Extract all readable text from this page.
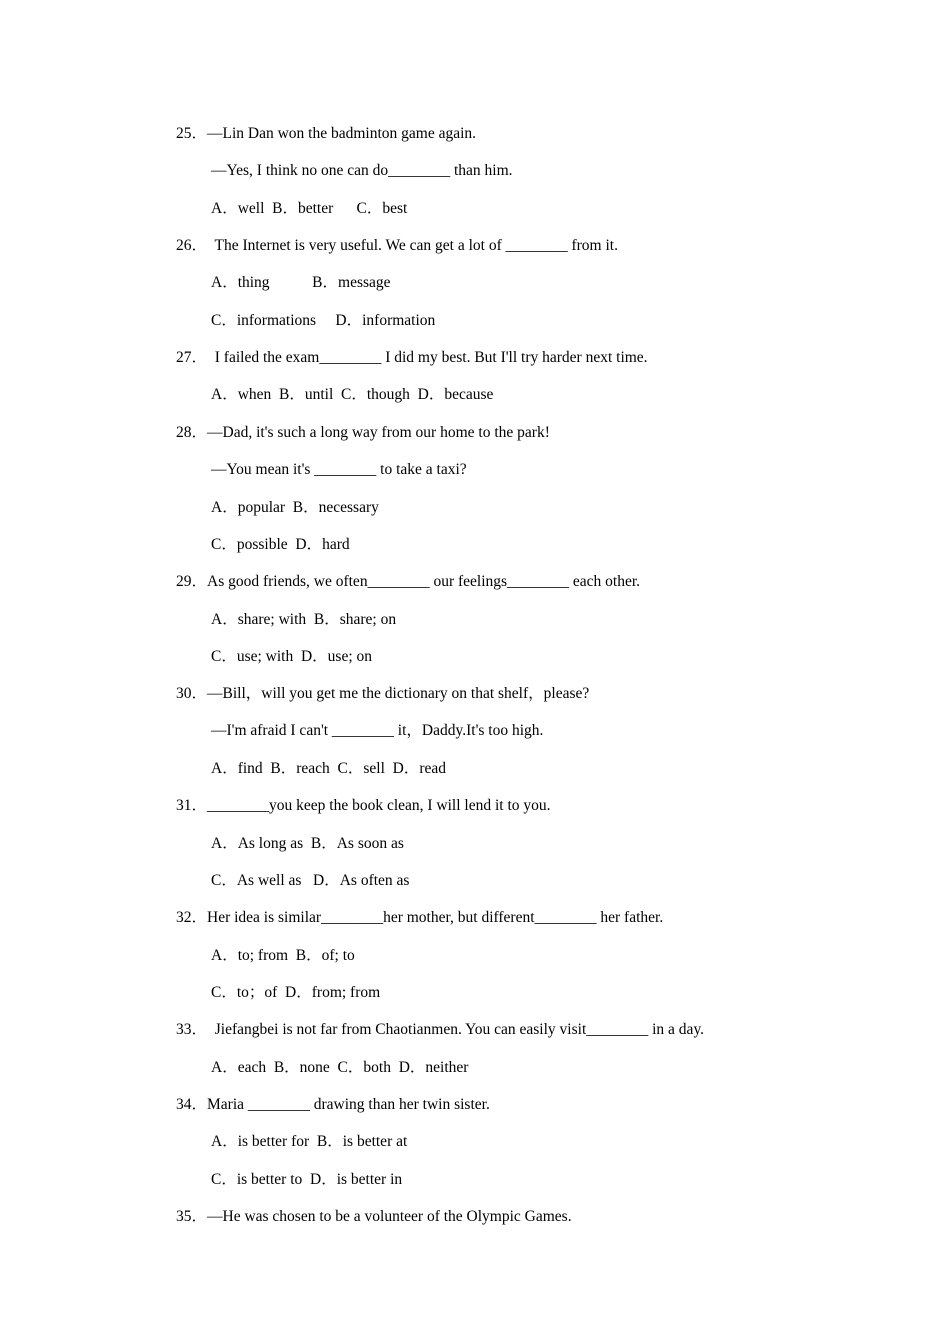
25．—Lin Dan won the badminton game again.
—Yes, I think no one can do________ than him.
A．well  B．better      C．best
26．  The Internet is very useful. We can get a lot of ________ from it.
A．thing           B．message
C．informations     D．information
27．  I failed the exam________ I did my best. But I'll try harder next time.
A．when  B．until  C．though  D．because
28．—Dad, it's such a long way from our home to the park!
—You mean it's ________ to take a taxi?
A．popular  B．necessary
C．possible  D．hard
29．As good friends, we often________ our feelings________ each other.
A．share; with  B．share; on
C．use; with  D．use; on
30．—Bill，will you get me the dictionary on that shelf，please?
—I'm afraid I can't ________ it，Daddy.It's too high.
A．find  B．reach  C．sell  D．read
31．________you keep the book clean, I will lend it to you.
A．As long as  B．As soon as
C．As well as   D．As often as
32．Her idea is similar________her mother, but different________ her father.
A．to; from  B．of; to
C．to；of  D．from; from
33．  Jiefangbei is not far from Chaotianmen. You can easily visit________ in a day.
A．each  B．none  C．both  D．neither
34．Maria ________ drawing than her twin sister.
A．is better for  B．is better at
C．is better to  D．is better in
35．—He was chosen to be a volunteer of the Olympic Games.
